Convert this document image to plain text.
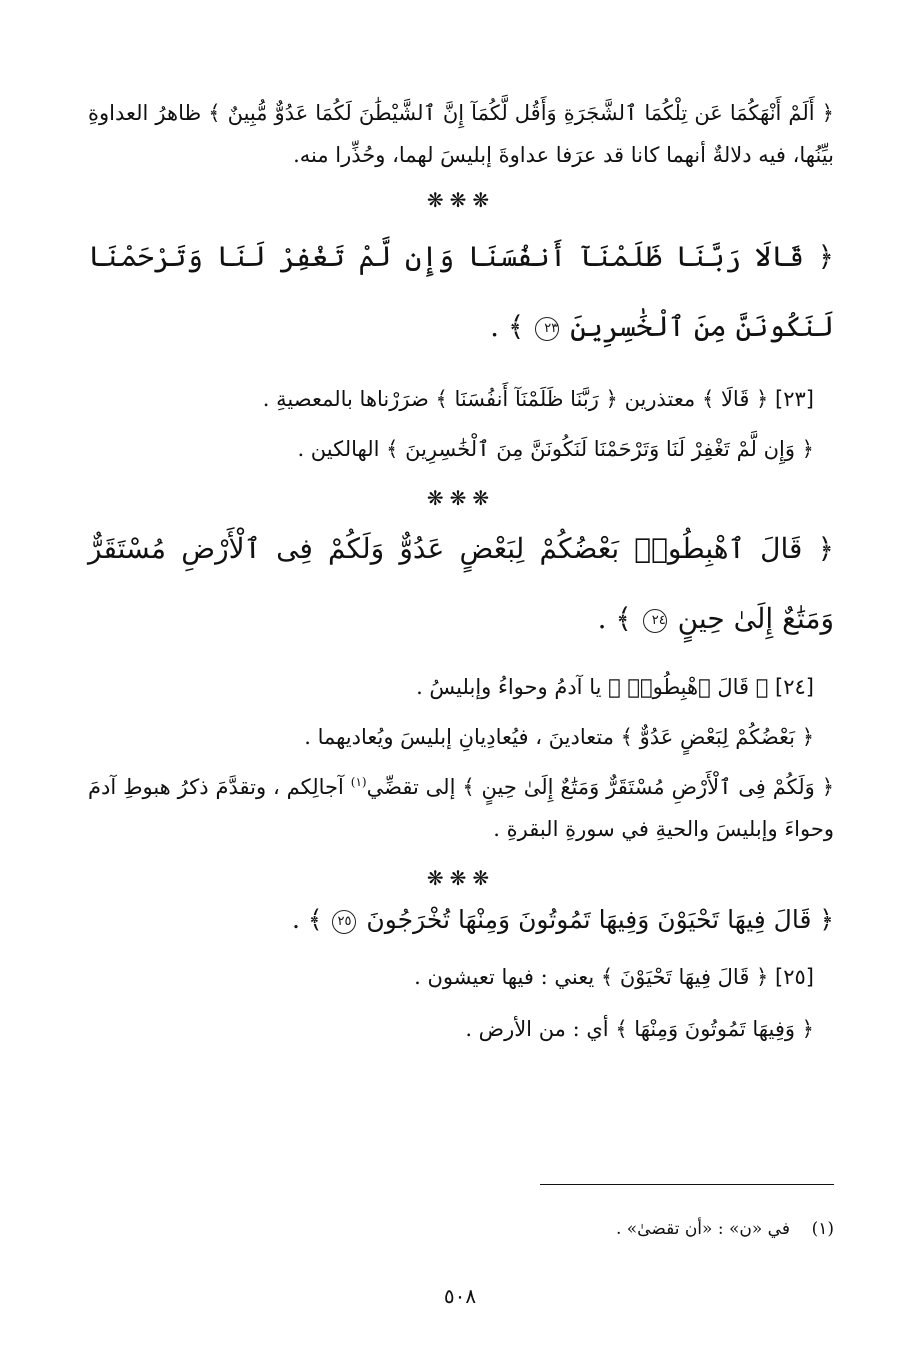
﴿ أَلَمْ أَنْهَكُمَا عَن تِلْكُمَا ٱلشَّجَرَةِ وَأَقُل لَّكُمَآ إِنَّ ٱلشَّيْطَٰنَ لَكُمَا عَدُوٌّ مُّبِينٌ ﴾ ظاهرُ العداوةِ بيِّنُها، فيه دلالةٌ أنهما كانا قد عرَفا عداوةَ إبليسَ لهما، وحُذِّرا منه.

❋❋❋

﴿ قَالَا رَبَّنَا ظَلَمْنَآ أَنفُسَنَا وَإِن لَّمْ تَغْفِرْ لَنَا وَتَرْحَمْنَا لَنَكُونَنَّ مِنَ ٱلْخَٰسِرِينَ ٢٣ ﴾ .

[٢٣] ﴿ قَالَا ﴾ معتذرين ﴿ رَبَّنَا ظَلَمْنَآ أَنفُسَنَا ﴾ ضرَرْناها بالمعصيةِ .

﴿ وَإِن لَّمْ تَغْفِرْ لَنَا وَتَرْحَمْنَا لَنَكُونَنَّ مِنَ ٱلْخَٰسِرِينَ ﴾ الهالكين .

❋❋❋

﴿ قَالَ ٱهْبِطُوا۟ بَعْضُكُمْ لِبَعْضٍ عَدُوٌّ وَلَكُمْ فِى ٱلْأَرْضِ مُسْتَقَرٌّ وَمَتَٰعٌ إِلَىٰ حِينٍ ٢٤ ﴾ .

[٢٤] ﴿ قَالَ ٱهْبِطُوا۟ ﴾ يا آدمُ وحواءُ وإبليسُ .

﴿ بَعْضُكُمْ لِبَعْضٍ عَدُوٌّ ﴾ متعادينَ ، فيُعادِيانِ إبليسَ ويُعاديهما .

﴿ وَلَكُمْ فِى ٱلْأَرْضِ مُسْتَقَرٌّ وَمَتَٰعٌ إِلَىٰ حِينٍ ﴾ إلى تقضِّي$^{(١)}$ آجالِكم ، وتقدَّمَ ذكرُ هبوطِ آدمَ وحواءَ وإبليسَ والحيةِ في سورةِ البقرةِ .

❋❋❋

﴿ قَالَ فِيهَا تَحْيَوْنَ وَفِيهَا تَمُوتُونَ وَمِنْهَا تُخْرَجُونَ ٢٥ ﴾ .

[٢٥] ﴿ قَالَ فِيهَا تَحْيَوْنَ ﴾ يعني : فيها تعيشون .

﴿ وَفِيهَا تَمُوتُونَ وَمِنْهَا ﴾ أي : من الأرض .

(١)    في «ن» : «أن تقضىٰ» .
٥٠٨
